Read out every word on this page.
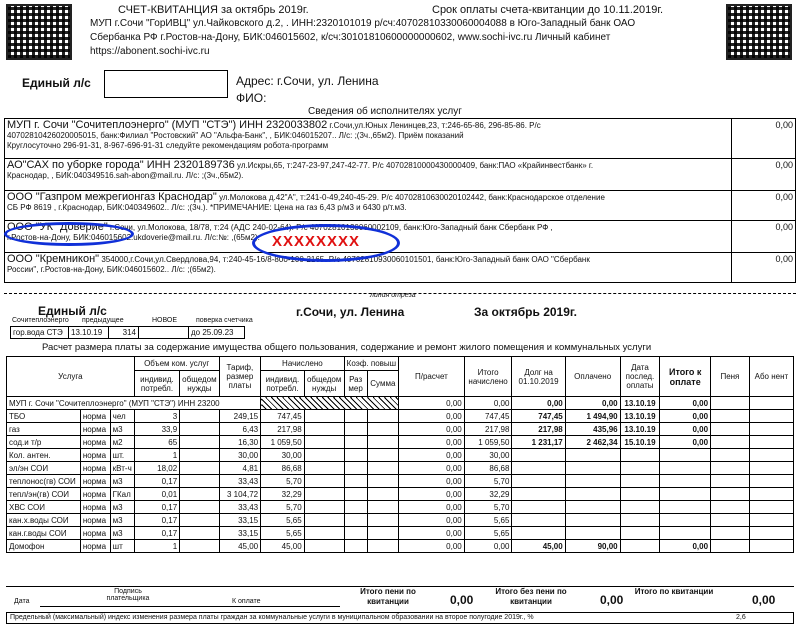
СЧЕТ-КВИТАНЦИЯ за октябрь 2019г.	Срок оплаты счета-квитанции до 10.11.2019г.
МУП г.Сочи "ГорИВЦ" ул.Чайковского д.2, . ИНН:2320101019 р/сч:40702810330060004088 в Юго-Западный банк ОАО
Сбербанка РФ г.Ростов-на-Дону, БИК:046015602, к/сч:30101810600000000602, www.sochi-ivc.ru Личный кабинет
https://abonent.sochi-ivc.ru
Единый л/с	Адрес: г.Сочи, ул. Ленина
ФИО:
Сведения об исполнителях услуг
МУП г. Сочи "Сочитеплоэнерго" (МУП "СТЭ") ИНН 2320033802 г.Сочи,ул.Юных Ленинцев,23, т:246-65-86, 296-85-86. Р/с
40702810426020005015, банк:Филиал "Ростовский" АО "Альфа-Банк", , БИК:046015207.. Л/с: ;(3ч.,65м2). Приём показаний
Круглосуточно 296-91-31, 8-967-696-91-31 следуйте рекомендациям робота-программ	0,00
АО"САХ по уборке города" ИНН 2320189736 ул.Искры,65, т:247-23-97,247-42-77. Р/с 40702810000430000409, банк:ПАО «Крайинвестбанк» г.
Краснодар, , БИК:040349516.sah-abon@mail.ru. Л/с: ;(3ч.,65м2).	0,00
ООО "Газпром межрегионгаз Краснодар" ул.Молокова д.42"А", т:241-0-49,240-45-29. Р/с 40702810630020102442, банк:Краснодарское отделение
СБ РФ 8619 , г.Краснодар, БИК:040349602.. Л/с: ;(3ч.). *ПРИМЕЧАНИЕ: Цена на газ 6,43 р/м3 и 6430 р/т.м3.	0,00
ООО "УК "Доверие" г.Сочи, ул.Молокова, 18/78, т:24 (АДС 240-02-64). Р/с 40702810130060002109, банк:Юго-Западный банк Сбербанк РФ ,
г.Ростов-на-Дону, БИК:046015602.ukdoverie@mail.ru. Л/с:№: ,(65м2).	0,00
ООО "Кремникон" 354000,г.Сочи,ул.Свердлова,94, т:240-45-16/8-800-100-2165. Р/с 40702810930060101501, банк:Юго-Западный банк ОАО "Сбербанк
России", г.Ростов-на-Дону, БИК:046015602.. Л/с: ;(65м2).	0,00
XXXXXXXX
линия отреза
Единый л/с	г.Сочи, ул. Ленина	За октябрь 2019г.
Сочитеплоэнерго предыдущее	НОВОЕ	поверка счетчика
гор.вода СТЭ	13.10.19	314		до 25.09.23
Расчет размера платы за содержание имущества общего пользования, содержание и ремонт жилого помещения и коммунальных услуги
Услуга			Объем ком. услуг		Тариф, размер платы	Начислено		Коэф. повыш		П/расчет	Итого начислено	Долг на 01.10.2019	Оплачено	Дата послед. оплаты	Итого к оплате	Пеня	Або нент
			индивид. потребл.	общедом нужды		индивид. потребл.	общедом нужды	Раз мер	Сумма								
МУП г. Сочи "Сочитеплоэнерго" (МУП "СТЭ") ИНН 23200										0,00	0,00	0,00	0,00	13.10.19	0,00		
ТБО	норма	чел	3		249,15	747,45				0,00	747,45	747,45	1 494,90	13.10.19	0,00		
газ	норма	м3	33,9		6,43	217,98				0,00	217,98	217,98	435,96	13.10.19	0,00		
сод.и т/р	норма	м2	65		16,30	1 059,50				0,00	1 059,50	1 231,17	2 462,34	15.10.19	0,00		
Кол. антен.	норма	шт.	1		30,00	30,00				0,00	30,00						
эл/эн СОИ	норма	кВт-ч	18,02		4,81	86,68				0,00	86,68						
теплонос(гв) СОИ	норма	м3	0,17		33,43	5,70				0,00	5,70						
тепл/эн(гв) СОИ	норма	ГКал	0,01		3 104,72	32,29				0,00	32,29						
ХВС СОИ	норма	м3	0,17		33,43	5,70				0,00	5,70						
кан.х.воды СОИ	норма	м3	0,17		33,15	5,65				0,00	5,65						
кан.г.воды СОИ	норма	м3	0,17		33,15	5,65				0,00	5,65						
Домофон	норма	шт	1		45,00	45,00				0,00	0,00	45,00	90,00		0,00		
Дата
Подпись плательщика	К оплате
Итого пени по квитанции	0,00
Итого без пени по квитанции	0,00
Итого по квитанции
0,00
Предельный (максимальный) индекс изменения размера платы граждан за коммунальные услуги в муниципальном образовании на второе полугодие 2019г., %	2,6
